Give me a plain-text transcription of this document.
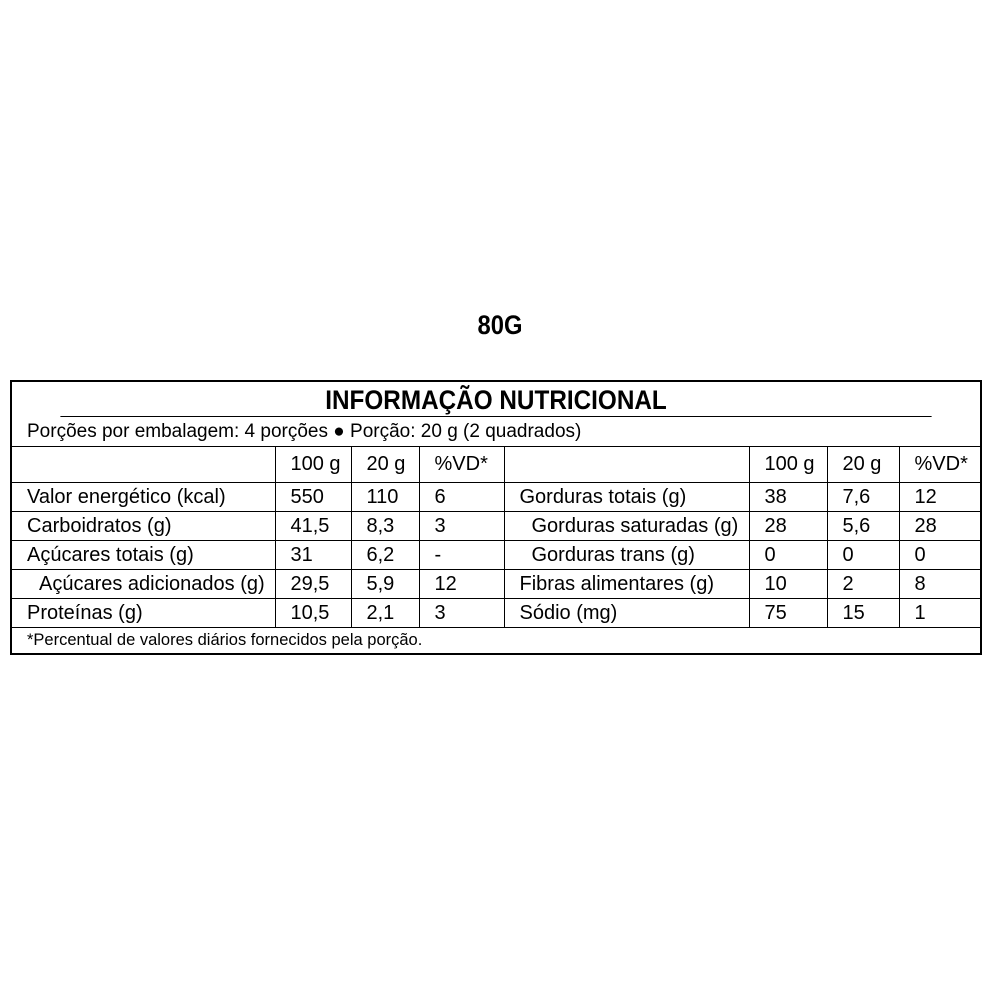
80G
INFORMAÇÃO NUTRICIONAL
Porções por embalagem: 4 porções ● Porção: 20 g (2 quadrados)
	100 g	20 g	%VD*		100 g	20 g	%VD*
Valor energético (kcal)	550	110	6	Gorduras totais (g)	38	7,6	12
Carboidratos (g)	41,5	8,3	3	Gorduras saturadas (g)	28	5,6	28
Açúcares totais (g)	31	6,2	-	Gorduras trans (g)	0	0	0
Açúcares adicionados (g)	29,5	5,9	12	Fibras alimentares (g)	10	2	8
Proteínas (g)	10,5	2,1	3	Sódio (mg)	75	15	1
*Percentual de valores diários fornecidos pela porção.
